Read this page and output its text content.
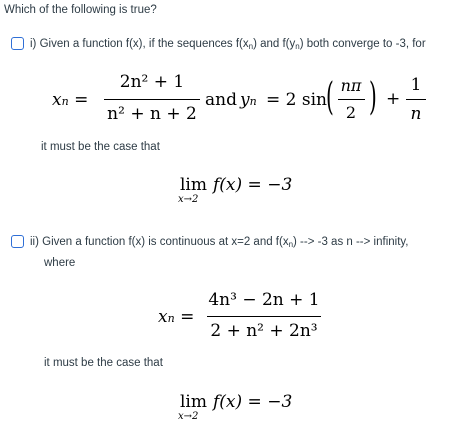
Which of the following is true?
i) Given a function f(x), if the sequences $f(x_n)$ and $f(y_n)$ both converge to -3, for
xn =
2n² + 1
n² + n + 2
and yn = 2 sin ( nπ
2 ) +
1
n
it must be the case that
lim
x→2
f(x) = −3
ii) Given a function f(x) is continuous at x=2 and $f(x_n)$ --> -3 as n --> infinity,
where
xn =
4n³ − 2n + 1
2 + n² + 2n³
it must be the case that
lim
x→2
f(x) = −3
